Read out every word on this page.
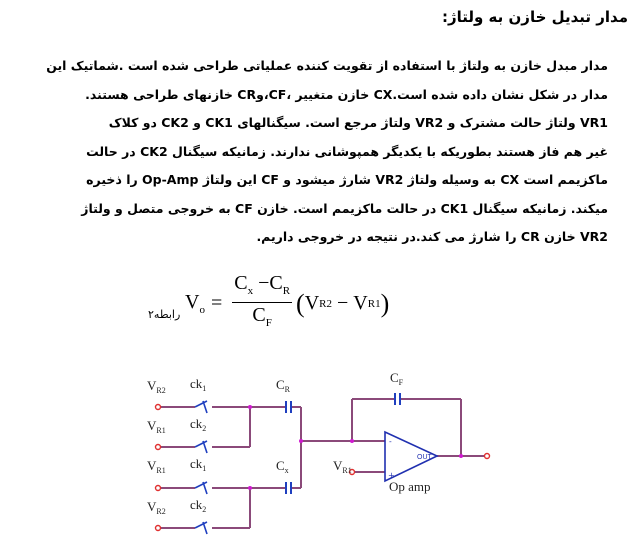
مدار تبدیل خازن به ولتاژ:

مدار مبدل خازن به ولتاژ با استفاده از تقویت کننده عملیاتی طراحی شده است .شماتیک این

مدار در شکل نشان داده شده است.CX خازن متغییر ،CF،وCR خازنهای طراحی هستند.

VR1 ولتاژ حالت مشترک و VR2 ولتاژ مرجع است. سیگنالهای CK1 و CK2 دو کلاک

غیر هم فاز هستند بطوریکه با یکدیگر همپوشانی ندارند. زمانیکه سیگنال CK2 در حالت

ماکزیمم است CX به وسیله ولتاژ VR2 شارژ میشود و CF این ولتاژ Op-Amp را ذخیره

میکند. زمانیکه سیگنال CK1 در حالت ماکزیمم است. خازن CF به خروجی متصل و ولتاژ

VR2 خازن CR را شارژ می کند.در نتیجه در خروجی داریم.

$V_o = \frac{C_x -C_R}{C_F}$ ( V R2 − V R1 )
رابطه۲
$V_{R2}$ $ck_1$
$V_{R1}$ $ck_2$
$V_{R1}$ $ck_1$
$V_{R2}$ $ck_2$
$C_R$
$C_x$
$C_F$
$V_{R1}$
Op amp
OUT
-
+
